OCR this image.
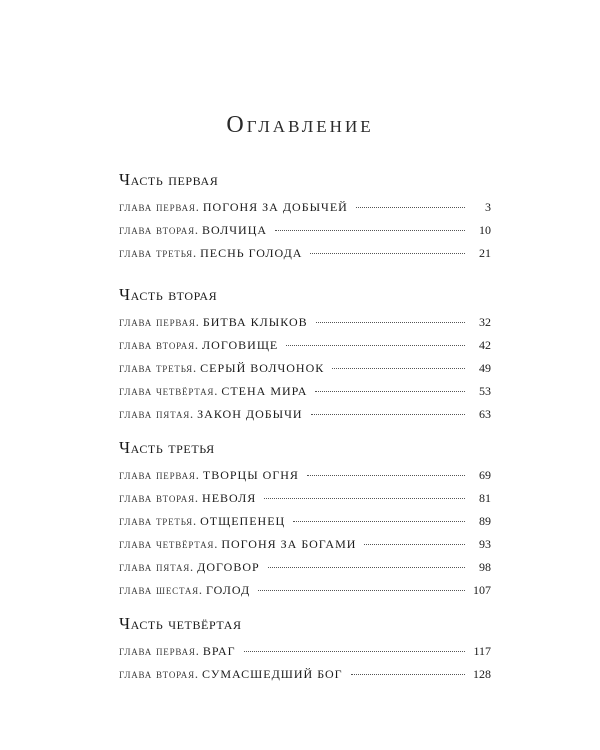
Оглавление
Часть первая
глава первая . ПОГОНЯ ЗА ДОБЫЧЕЙ	3
глава вторая . ВОЛЧИЦА	10
глава третья . ПЕСНЬ ГОЛОДА	21
Часть вторая
глава первая . БИТВА КЛЫКОВ	32
глава вторая . ЛОГОВИЩЕ	42
глава третья . СЕРЫЙ ВОЛЧОНОК	49
глава четвёртая . СТЕНА МИРА	53
глава пятая . ЗАКОН ДОБЫЧИ	63
Часть третья
глава первая . ТВОРЦЫ ОГНЯ	69
глава вторая . НЕВОЛЯ	81
глава третья . ОТЩЕПЕНЕЦ	89
глава четвёртая . ПОГОНЯ ЗА БОГАМИ	93
глава пятая . ДОГОВОР	98
глава шестая . ГОЛОД	107
Часть четвёртая
глава первая . ВРАГ	117
глава вторая . СУМАСШЕДШИЙ БОГ	128
